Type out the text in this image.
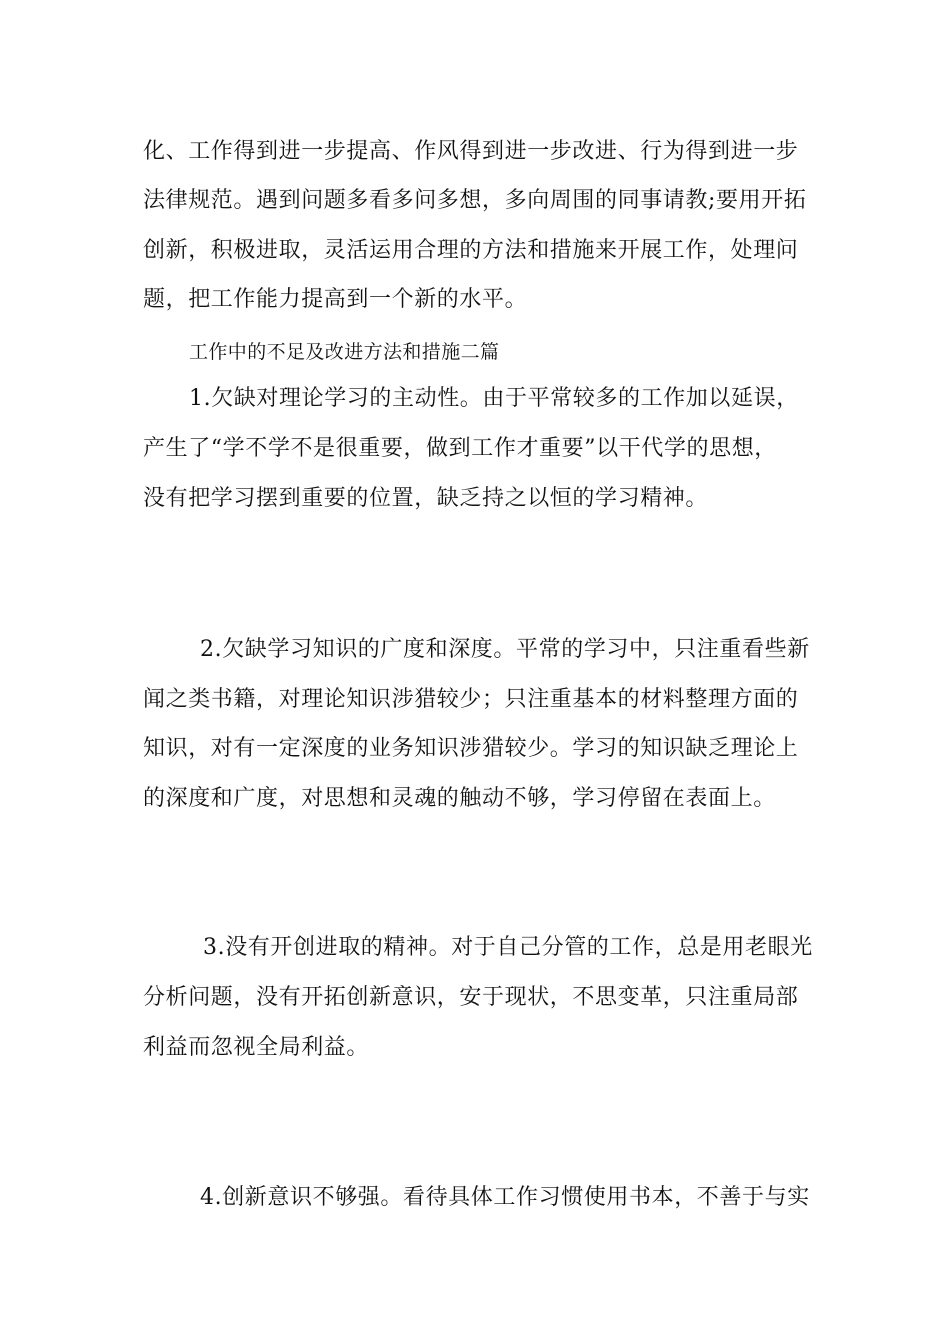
化、工作得到进一步提高、作风得到进一步改进、行为得到进一步
法律规范。遇到问题多看多问多想，多向周围的同事请教;要用开拓
创新，积极进取，灵活运用合理的方法和措施来开展工作，处理问
题，把工作能力提高到一个新的水平。
工作中的不足及改进方法和措施二篇
1.欠缺对理论学习的主动性。由于平常较多的工作加以延误，
产生了“学不学不是很重要，做到工作才重要”以干代学的思想，
没有把学习摆到重要的位置，缺乏持之以恒的学习精神。
2.欠缺学习知识的广度和深度。平常的学习中，只注重看些新
闻之类书籍，对理论知识涉猎较少；只注重基本的材料整理方面的
知识，对有一定深度的业务知识涉猎较少。学习的知识缺乏理论上
的深度和广度，对思想和灵魂的触动不够，学习停留在表面上。
3.没有开创进取的精神。对于自己分管的工作，总是用老眼光
分析问题，没有开拓创新意识，安于现状，不思变革，只注重局部
利益而忽视全局利益。
4.创新意识不够强。看待具体工作习惯使用书本，不善于与实
